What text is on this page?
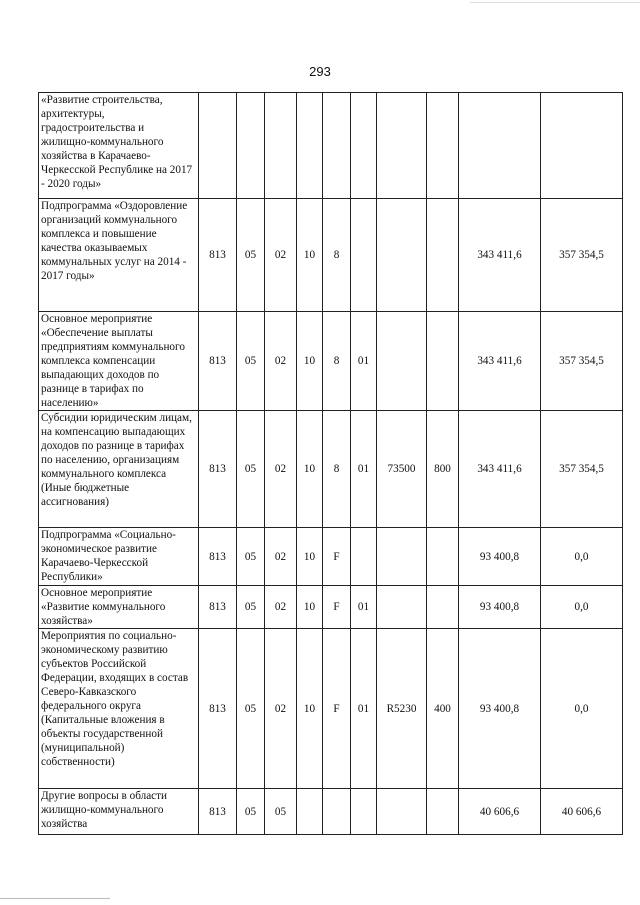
293
«Развитие строительства, архитектуры, градостроительства и жилищно-коммунального хозяйства в Карачаево-Черкесской Республике на 2017 - 2020 годы»										
Подпрограмма «Оздоровление организаций коммунального комплекса и повышение качества оказываемых коммунальных услуг на 2014 - 2017 годы»	813	05	02	10	8				343 411,6	357 354,5
Основное мероприятие «Обеспечение выплаты предприятиям коммунального комплекса компенсации выпадающих доходов по разнице в тарифах по населению»	813	05	02	10	8	01			343 411,6	357 354,5
Субсидии юридическим лицам, на компенсацию выпадающих доходов по разнице в тарифах по населению, организациям коммунального комплекса (Иные бюджетные ассигнования)	813	05	02	10	8	01	73500	800	343 411,6	357 354,5
Подпрограмма «Социально-экономическое развитие Карачаево-Черкесской Республики»	813	05	02	10	F				93 400,8	0,0
Основное мероприятие «Развитие коммунального хозяйства»	813	05	02	10	F	01			93 400,8	0,0
Мероприятия по социально-экономическому развитию субъектов Российской Федерации, входящих в состав Северо-Кавказского федерального округа (Капитальные вложения в объекты государственной (муниципальной) собственности)	813	05	02	10	F	01	R5230	400	93 400,8	0,0
Другие вопросы в области жилищно-коммунального хозяйства	813	05	05						40 606,6	40 606,6
